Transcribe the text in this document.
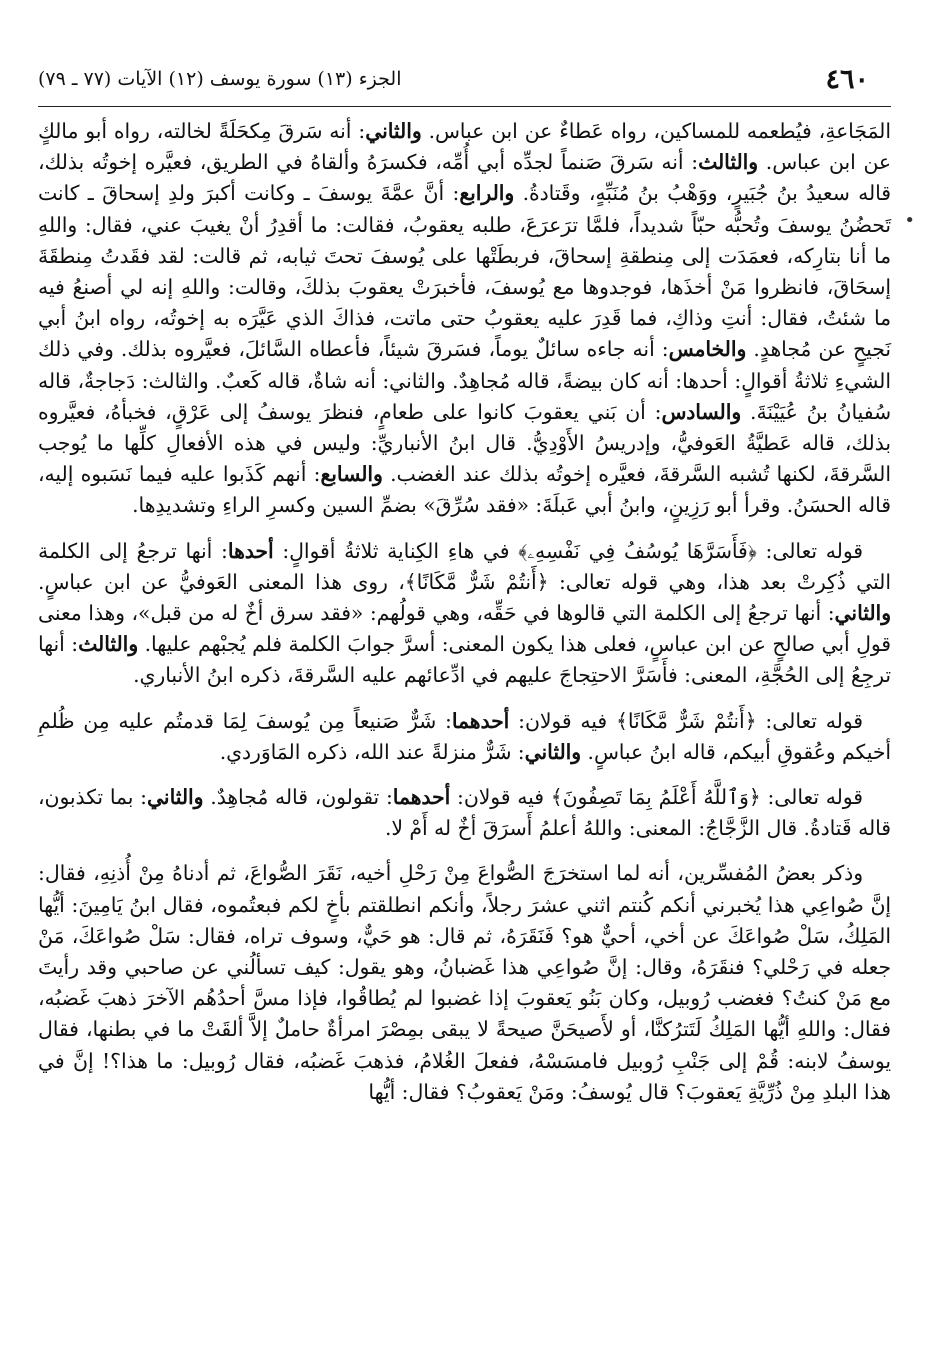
٤٦٠
الجزء (١٣) سورة يوسف (١٢) الآيات (٧٧ ـ ٧٩)
•

المَجَاعةِ، فيُطعمه للمساكين، رواه عَطاءٌ عن ابن عباس. والثاني: أنه سَرقَ مِكحَلَةً لخالته، رواه أبو مالكٍ عن ابن عباس. والثالث: أنه سَرقَ صَنماً لجدِّه أبي أُمِّه، فكسرَهُ وألقاهُ في الطريق، فعيَّره إخوتُه بذلك، قاله سعيدُ بنُ جُبَيرٍ، ووَهْبُ بنُ مُنَبِّهٍ، وقَتادةُ. والرابع: أنَّ عمَّةَ يوسفَ ـ وكانت أكبرَ ولدِ إسحاقَ ـ كانت تَحضُنُ يوسفَ وتُحبُّه حبّاً شديداً، فلمَّا ترَعرَعَ، طلبه يعقوبُ، فقالت: ما أقدِرُ أنْ يغيبَ عني، فقال: واللهِ ما أنا بتارِكه، فعمَدَت إلى مِنطقةِ إسحاقَ، فربطَتْها على يُوسفَ تحتَ ثيابه، ثم قالت: لقد فقَدتُ مِنطقَةَ إسحَاقَ، فانظروا مَنْ أخذَها، فوجدوها مع يُوسفَ، فأخبرَتْ يعقوبَ بذلكَ، وقالت: واللهِ إنه لي أصنعُ فيه ما شئتُ، فقال: أنتِ وذاكِ، فما قَدِرَ عليه يعقوبُ حتى ماتت، فذاكَ الذي عَيَّرَه به إخوتُه، رواه ابنُ أبي نَجيحٍ عن مُجاهدٍ. والخامس: أنه جاءه سائلٌ يوماً، فسَرقَ شيئاً، فأعطاه السَّائلَ، فعيَّروه بذلك. وفي ذلك الشيءِ ثلاثةُ أقوالٍ: أحدها: أنه كان بيضةً، قاله مُجاهِدٌ. والثاني: أنه شاةٌ، قاله كَعبٌ. والثالث: دَجاجةٌ، قاله سُفيانُ بنُ عُيَيْنَةَ. والسادس: أن بَني يعقوبَ كانوا على طعامٍ، فنظرَ يوسفُ إلى عَرْقٍ، فخبأهُ، فعيَّروه بذلك، قاله عَطيَّةُ العَوفيُّ، وإدريسُ الأَوْدِيُّ. قال ابنُ الأنباريِّ: وليس في هذه الأفعالِ كلِّها ما يُوجب السَّرقةَ، لكنها تُشبه السَّرقةَ، فعيَّره إخوتُه بذلك عند الغضب. والسابع: أنهم كَذَبوا عليه فيما نَسَبوه إليه، قاله الحسَنُ. وقرأ أبو رَزِينٍ، وابنُ أبي عَبلَةَ: «فقد سُرِّقَ» بضمِّ السين وكسرِ الراءِ وتشديدِها.

قوله تعالى: ﴿فَأَسَرَّهَا يُوسُفُ فِي نَفْسِهِۦ﴾ في هاءِ الكِناية ثلاثةُ أقوالٍ: أحدها: أنها ترجعُ إلى الكلمة التي ذُكِرتْ بعد هذا، وهي قوله تعالى: ﴿أَنتُمْ شَرٌّ مَّكَانًا﴾، روى هذا المعنى العَوفيُّ عن ابن عباسٍ. والثاني: أنها ترجعُ إلى الكلمة التي قالوها في حَقِّه، وهي قولُهم: «فقد سرق أخٌ له من قبل»، وهذا معنى قولِ أبي صالحٍ عن ابن عباسٍ، فعلى هذا يكون المعنى: أسرَّ جوابَ الكلمة فلم يُجبْهم عليها. والثالث: أنها ترجِعُ إلى الحُجَّةِ، المعنى: فأَسَرَّ الاحتِجاجَ عليهم في ادِّعائهم عليه السَّرقةَ، ذكره ابنُ الأنباري.

قوله تعالى: ﴿أَنتُمْ شَرٌّ مَّكَانًا﴾ فيه قولان: أحدهما: شَرٌّ صَنيعاً مِن يُوسفَ لِمَا قدمتُم عليه مِن ظُلمِ أخيكم وعُقوقِ أبيكم، قاله ابنُ عباسٍ. والثاني: شَرٌّ منزلةً عند الله، ذكره المَاوَردي.

قوله تعالى: ﴿وَٱللَّهُ أَعْلَمُ بِمَا تَصِفُونَ﴾ فيه قولان: أحدهما: تقولون، قاله مُجاهِدٌ. والثاني: بما تكذبون، قاله قَتادةُ. قال الزَّجَّاجُ: المعنى: واللهُ أعلمُ أَسرَقَ أخٌ له أَمْ لا.

وذكر بعضُ المُفسِّرين، أنه لما استخرَجَ الصُّواعَ مِنْ رَحْلِ أخيه، نَقَرَ الصُّواعَ، ثم أدناهُ مِنْ أُذنِهِ، فقال: إنَّ صُواعِي هذا يُخبرني أنكم كُنتم اثني عشرَ رجلاً، وأنكم انطلقتم بأخٍ لكم فبعتُموه، فقال ابنُ يَامِينَ: أيُّها المَلِكُ، سَلْ صُواعَكَ عن أخي، أحيٌّ هو؟ فَنَقَرَهُ، ثم قال: هو حَيٌّ، وسوف تراه، فقال: سَلْ صُواعَكَ، مَنْ جعله في رَحْلي؟ فنقَرَهُ، وقال: إنَّ صُواعِي هذا غَضبانُ، وهو يقول: كيف تسألُني عن صاحبي وقد رأيتَ مع مَنْ كنتُ؟ فغضب رُوبيل، وكان بَنُو يَعقوبَ إذا غضبوا لم يُطاقُوا، فإذا مسَّ أحدُهُم الآخرَ ذهبَ غَضبُه، فقال: واللهِ أيُّها المَلِكُ لَتَترُكنَّا، أو لأَصيحَنَّ صيحةً لا يبقى بمِصْرَ امرأةٌ حاملٌ إلاَّ ألقَتْ ما في بطنها، فقال يوسفُ لابنه: قُمْ إلى جَنْبِ رُوبيل فامسَسْهُ، ففعلَ الغُلامُ، فذهبَ غَضبُه، فقال رُوبيل: ما هذا؟! إنَّ في هذا البلدِ مِنْ ذُرِّيَّةِ يَعقوبَ؟ قال يُوسفُ: ومَنْ يَعقوبُ؟ فقال: أيُّها
